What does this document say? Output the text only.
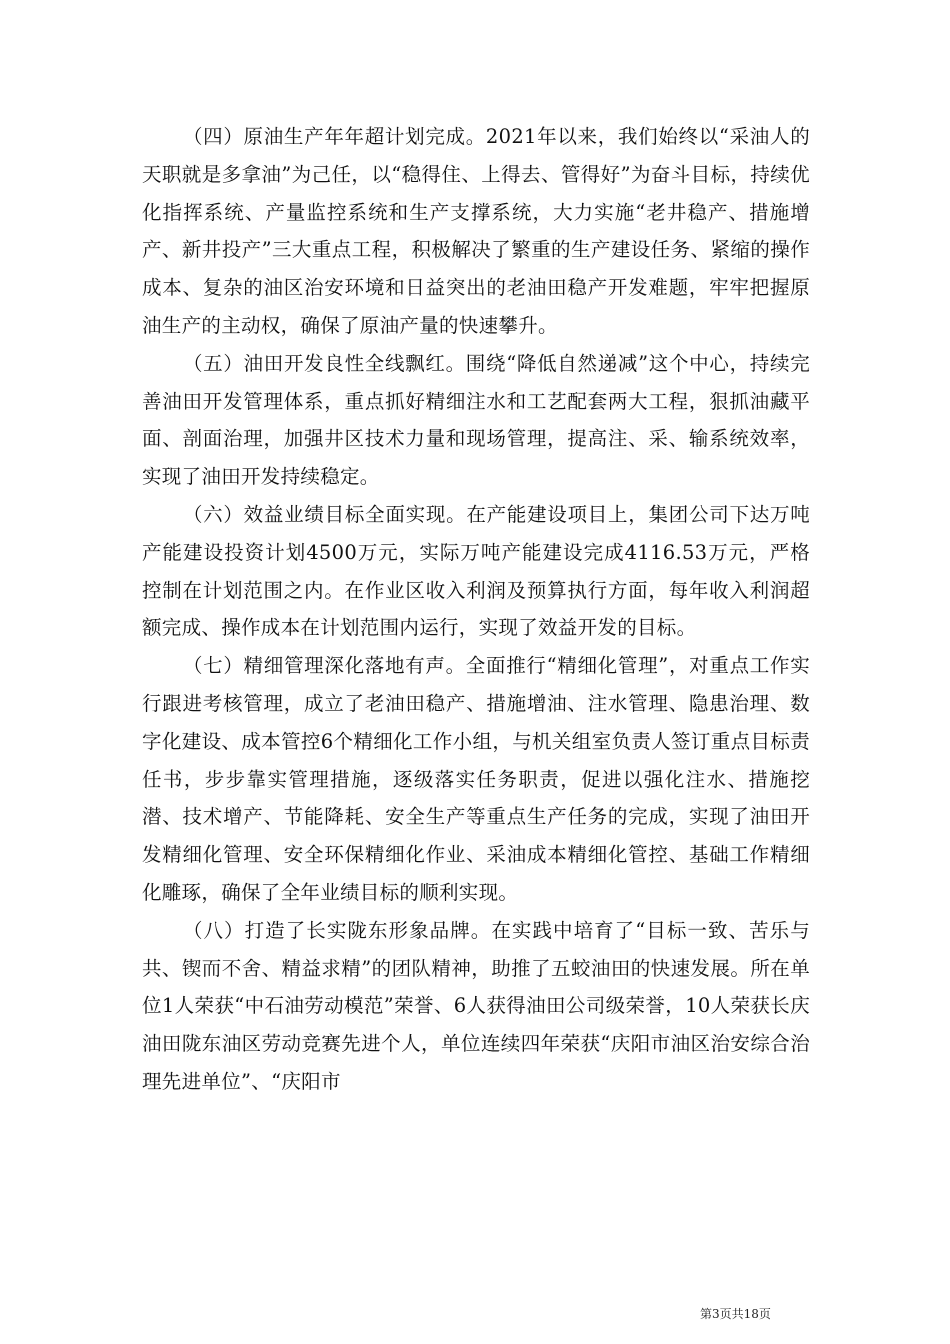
（四）原油生产年年超计划完成。2021年以来，我们始终以“采油人的天职就是多拿油”为己任，以“稳得住、上得去、管得好”为奋斗目标，持续优化指挥系统、产量监控系统和生产支撑系统，大力实施“老井稳产、措施增产、新井投产”三大重点工程，积极解决了繁重的生产建设任务、紧缩的操作成本、复杂的油区治安环境和日益突出的老油田稳产开发难题，牢牢把握原油生产的主动权，确保了原油产量的快速攀升。

（五）油田开发良性全线飘红。围绕“降低自然递减”这个中心，持续完善油田开发管理体系，重点抓好精细注水和工艺配套两大工程，狠抓油藏平面、剖面治理，加强井区技术力量和现场管理，提高注、采、输系统效率，实现了油田开发持续稳定。

（六）效益业绩目标全面实现。在产能建设项目上，集团公司下达万吨产能建设投资计划4500万元，实际万吨产能建设完成4116.53万元，严格控制在计划范围之内。在作业区收入利润及预算执行方面，每年收入利润超额完成、操作成本在计划范围内运行，实现了效益开发的目标。

（七）精细管理深化落地有声。全面推行“精细化管理”，对重点工作实行跟进考核管理，成立了老油田稳产、措施增油、注水管理、隐患治理、数字化建设、成本管控6个精细化工作小组，与机关组室负责人签订重点目标责任书，步步靠实管理措施，逐级落实任务职责，促进以强化注水、措施挖潜、技术增产、节能降耗、安全生产等重点生产任务的完成，实现了油田开发精细化管理、安全环保精细化作业、采油成本精细化管控、基础工作精细化雕琢，确保了全年业绩目标的顺利实现。

（八）打造了长实陇东形象品牌。在实践中培育了“目标一致、苦乐与共、锲而不舍、精益求精”的团队精神，助推了五蛟油田的快速发展。所在单位1人荣获“中石油劳动模范”荣誉、6人获得油田公司级荣誉，10人荣获长庆油田陇东油区劳动竞赛先进个人，单位连续四年荣获“庆阳市油区治安综合治理先进单位”、“庆阳市

第3页共18页
